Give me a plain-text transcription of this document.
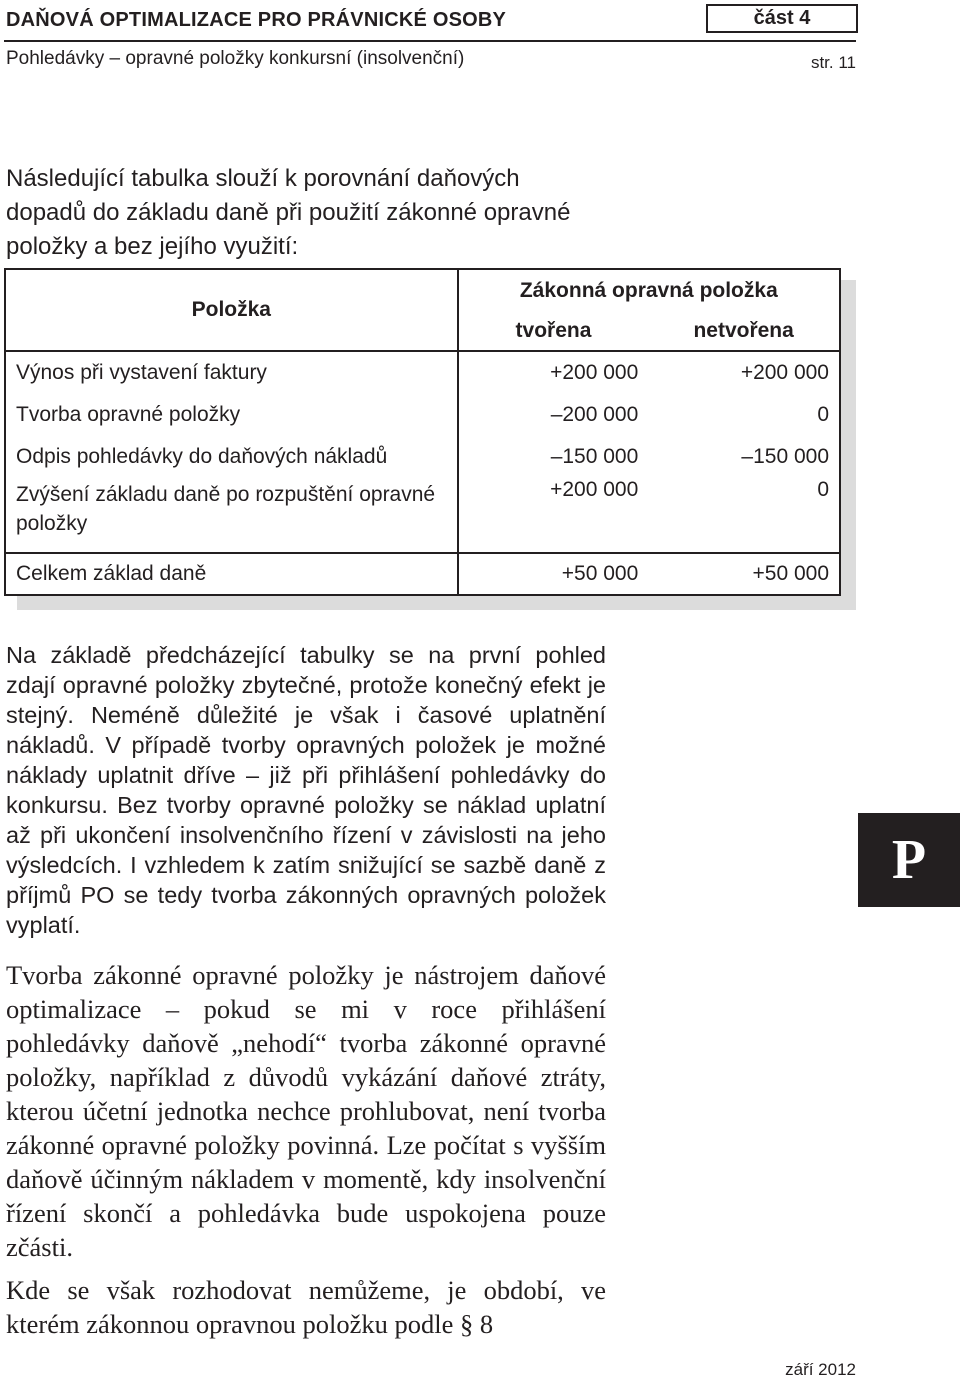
DAŇOVÁ OPTIMALIZACE PRO PRÁVNICKÉ OSOBY	část 4
Pohledávky – opravné položky konkursní (insolvenční)	str. 11
Následující tabulka slouží k porovnání daňových dopadů do základu daně při použití zákonné opravné položky a bez jejího využití:
Položka	Zákonná opravná položka	
	tvořena	netvořena
Výnos při vystavení faktury	+200 000	+200 000
Tvorba opravné položky	–200 000	0
Odpis pohledávky do daňových nákladů	–150 000	–150 000
Zvýšení základu daně po rozpuštění opravné položky	+200 000	0
Celkem základ daně	+50 000	+50 000
Na základě předcházející tabulky se na první pohled zdají opravné položky zbytečné, protože konečný efekt je stejný. Neméně důležité je však i časové uplatnění nákladů. V případě tvorby opravných položek je možné náklady uplatnit dříve – již při přihlášení pohledávky do konkursu. Bez tvorby opravné položky se náklad uplatní až při ukončení insolvenčního řízení v závislosti na jeho výsledcích. I vzhledem k zatím snižující se sazbě daně z příjmů PO se tedy tvorba zákonných opravných položek vyplatí.
Tvorba zákonné opravné položky je nástrojem daňové optimalizace – pokud se mi v roce přihlášení pohledávky daňově „nehodí“ tvorba zákonné opravné položky, například z důvodů vykázání daňové ztráty, kterou účetní jednotka nechce prohlubovat, není tvorba zákonné opravné položky povinná. Lze počítat s vyšším daňově účinným nákladem v momentě, kdy insolvenční řízení skončí a pohledávka bude uspokojena pouze zčásti.
Kde se však rozhodovat nemůžeme, je období, ve kterém zákonnou opravnou položku podle § 8
P
září 2012
